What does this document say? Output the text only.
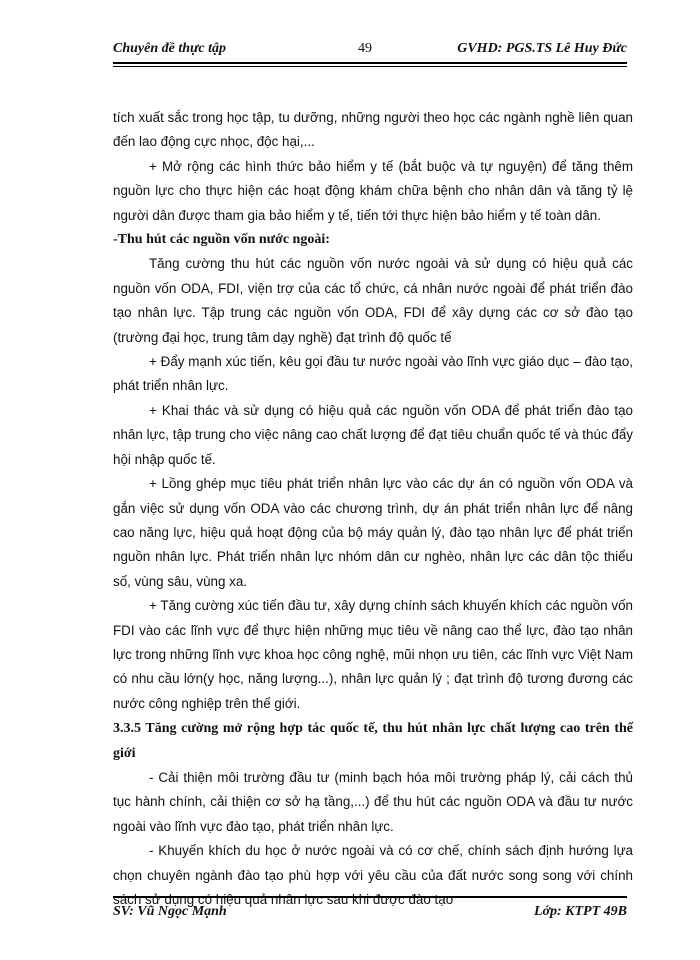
Chuyên đề thực tập	49	GVHD: PGS.TS Lê Huy Đức

tích xuất sắc trong học tập, tu dưỡng, những người theo học các ngành nghề liên quan đến lao động cực nhọc, độc hại,...

+ Mở rộng các hình thức bảo hiểm y tế (bắt buộc và tự nguyện) để tăng thêm nguồn lực cho thực hiện các hoạt động khám chữa bệnh cho nhân dân và tăng tỷ lệ người dân được tham gia bảo hiểm y tế, tiến tới thực hiện bảo hiểm y tế toàn dân.

-Thu hút các nguồn vốn nước ngoài:

Tăng cường thu hút các nguồn vốn nước ngoài và sử dụng có hiệu quả các nguồn vốn ODA, FDI, viện trợ của các tổ chức, cá nhân nước ngoài để phát triển đào tạo nhân lực. Tập trung các nguồn vốn ODA, FDI để xây dựng các cơ sở đào tạo (trường đại học, trung tâm dạy nghề) đạt trình độ quốc tế

+ Đẩy mạnh xúc tiến, kêu gọi đầu tư nước ngoài vào lĩnh vực giáo dục – đào tạo, phát triển nhân lực.

+ Khai thác và sử dụng có hiệu quả các nguồn vốn ODA để phát triển đào tạo nhân lực, tập trung cho việc nâng cao chất lượng để đạt tiêu chuẩn quốc tế và thúc đẩy hội nhập quốc tế.

+ Lồng ghép mục tiêu phát triển nhân lực vào các dự án có nguồn vốn ODA và gắn việc sử dụng vốn ODA vào các chương trình, dự án phát triển nhân lực để nâng cao năng lực, hiệu quả hoạt động của bộ máy quản lý, đào tạo nhân lực để phát triển nguồn nhân lực. Phát triển nhân lực nhóm dân cư nghèo, nhân lực các dân tộc thiểu số, vùng sâu, vùng xa.

+ Tăng cường xúc tiến đầu tư, xây dựng chính sách khuyến khích các nguồn vốn FDI vào các lĩnh vực để thực hiện những mục tiêu về nâng cao thể lực, đào tạo nhân lực trong những lĩnh vực khoa học công nghệ, mũi nhọn ưu tiên, các lĩnh vực Việt Nam có nhu cầu lớn(y học, năng lượng...), nhân lực quản lý ; đạt trình độ tương đương các nước công nghiệp trên thế giới.

3.3.5 Tăng cường mở rộng hợp tác quốc tế, thu hút nhân lực chất lượng cao trên thế giới

- Cải thiện môi trường đầu tư (minh bạch hóa môi trường pháp lý, cải cách thủ tục hành chính, cải thiện cơ sở hạ tầng,...) để thu hút các nguồn ODA và đầu tư nước ngoài vào lĩnh vực đào tạo, phát triển nhân lực.

- Khuyến khích du học ở nước ngoài và có cơ chế, chính sách định hướng lựa chọn chuyên ngành đào tạo phù hợp với yêu cầu của đất nước song song với chính sách sử dụng có hiệu quả nhân lực sau khi được đào tạo

SV: Vũ Ngọc Mạnh	Lớp: KTPT 49B
